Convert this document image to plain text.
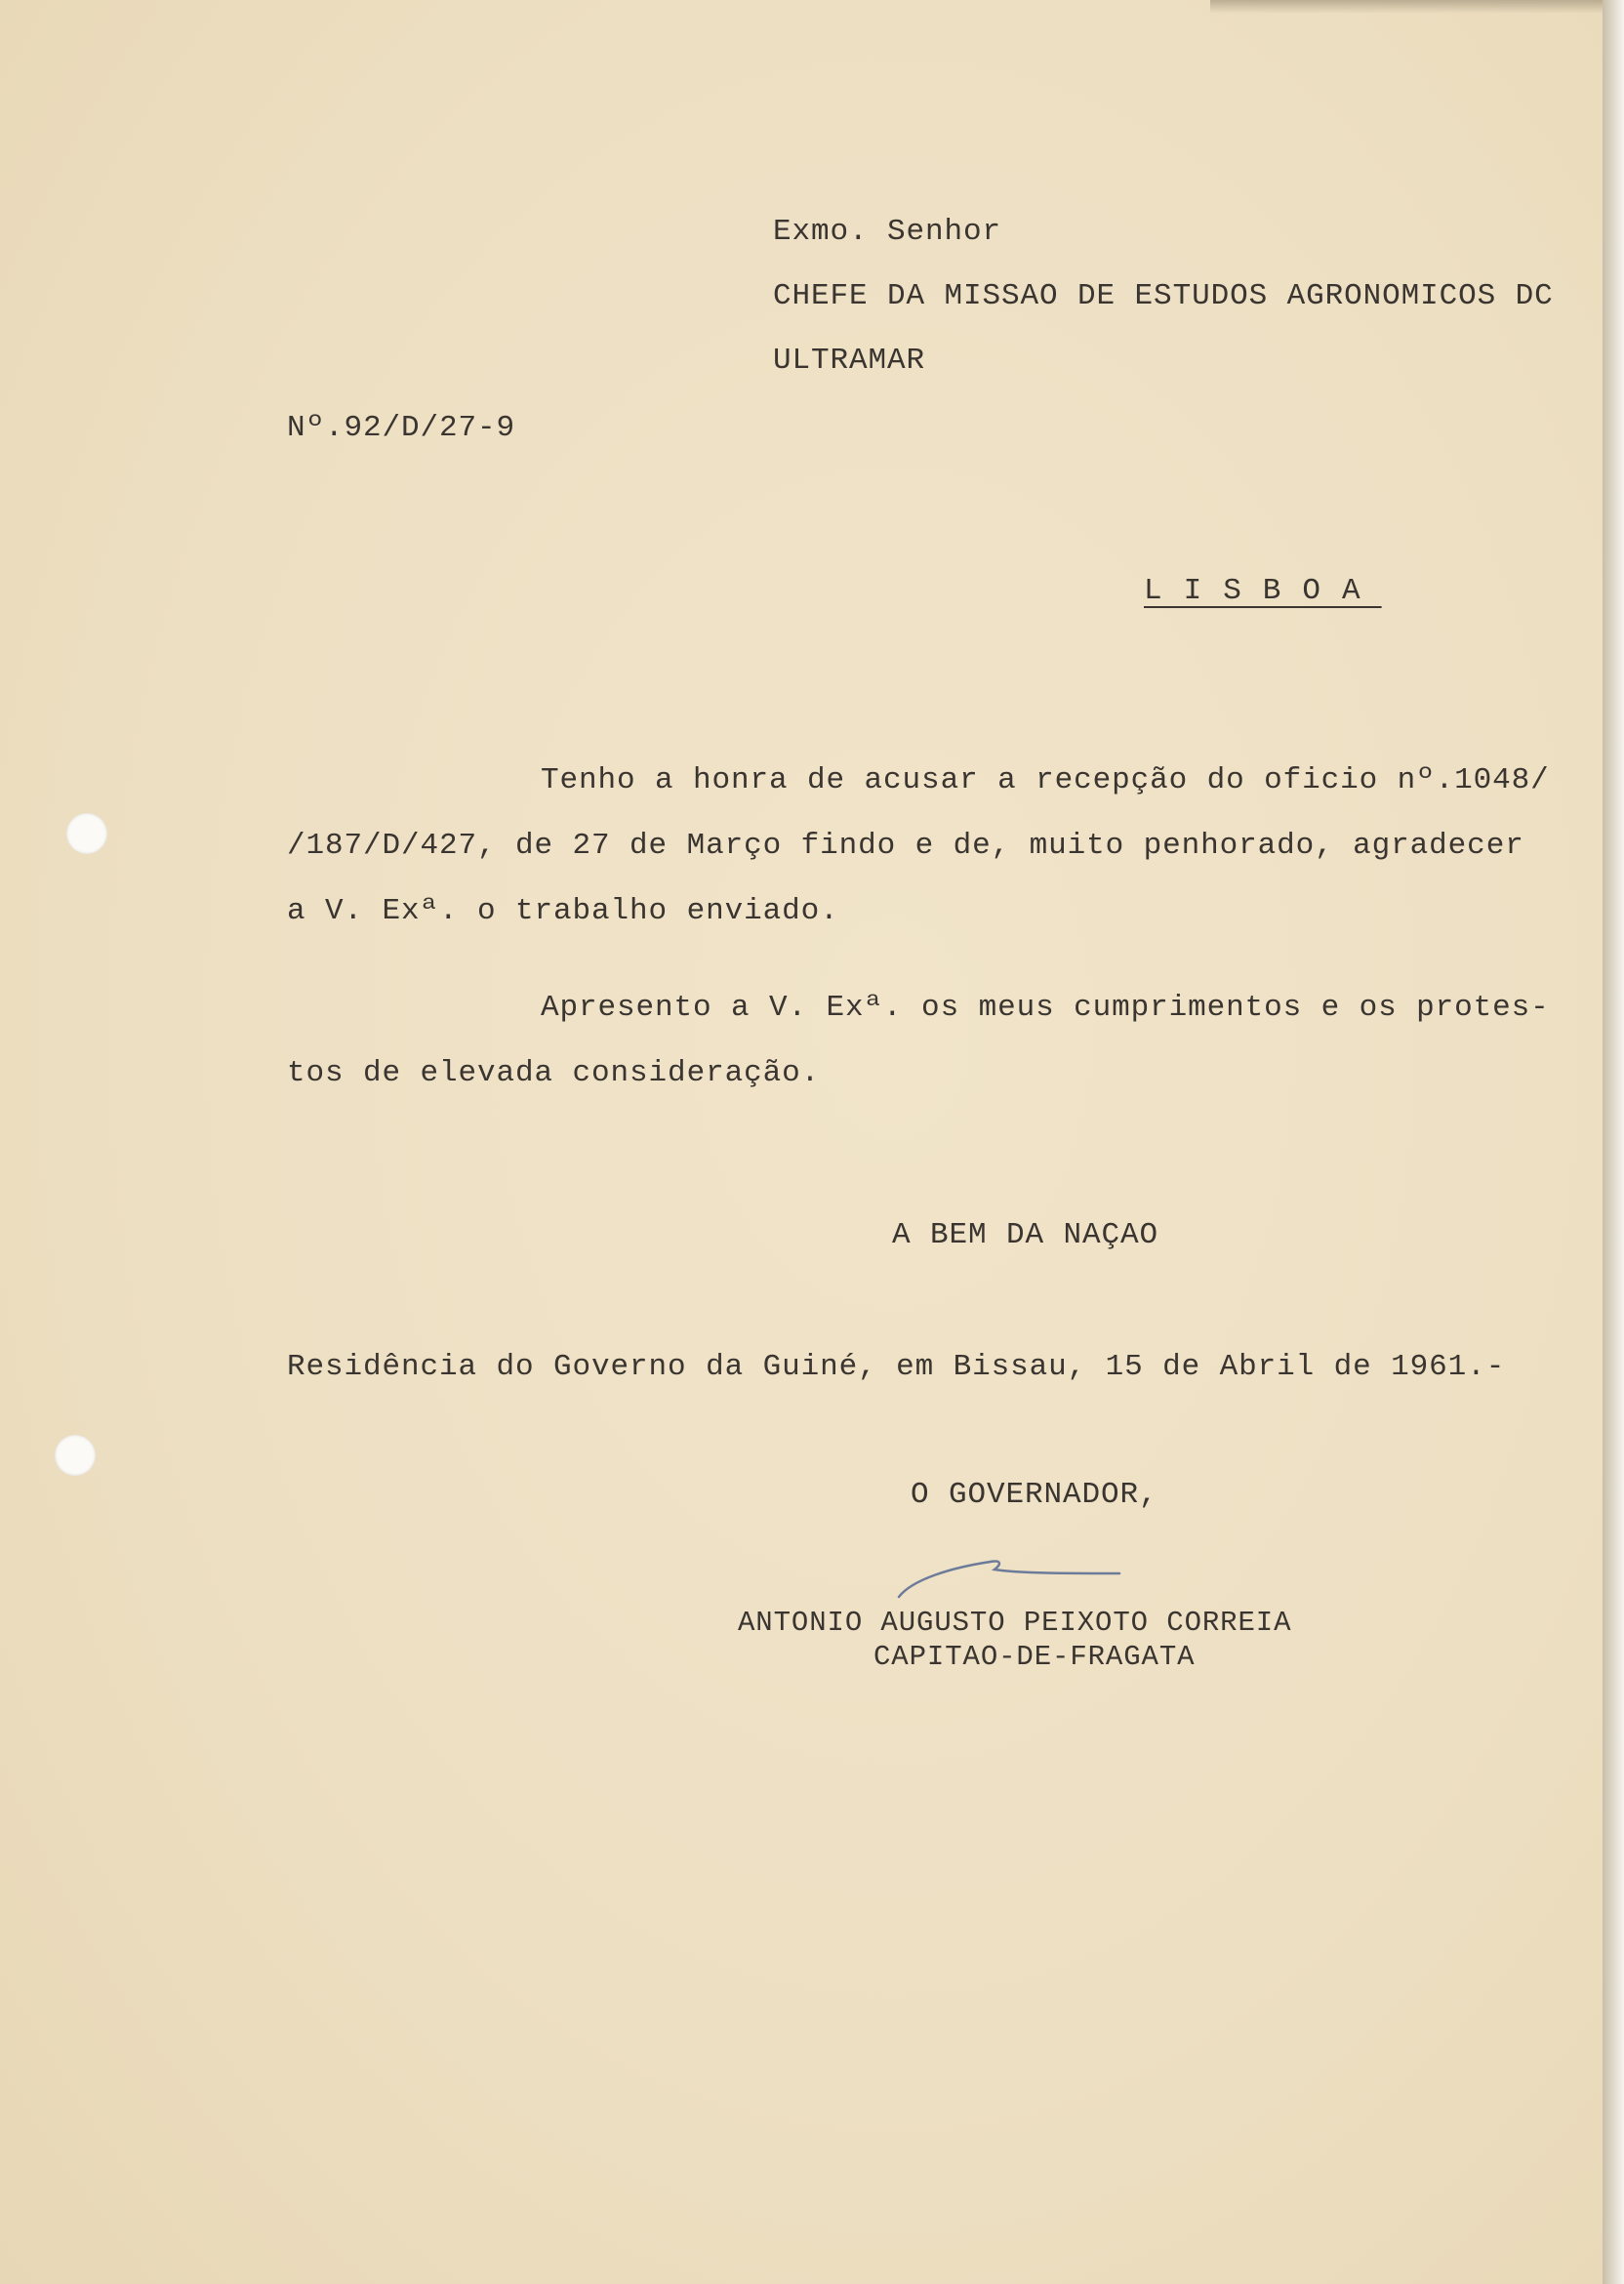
Exmo. Senhor
CHEFE DA MISSAO DE ESTUDOS AGRONOMICOS DC
ULTRAMAR
Nº.92/D/27-9
LISBOA
Tenho a honra de acusar a recepção do oficio nº.1048/
/187/D/427, de 27 de Março findo e de, muito penhorado, agradecer
a V. Exª. o trabalho enviado.
Apresento a V. Exª. os meus cumprimentos e os protes-
tos de elevada consideração.
A BEM DA NAÇAO
Residência do Governo da Guiné, em Bissau, 15 de Abril de 1961.-
O GOVERNADOR,
ANTONIO AUGUSTO PEIXOTO CORREIA
CAPITAO-DE-FRAGATA
